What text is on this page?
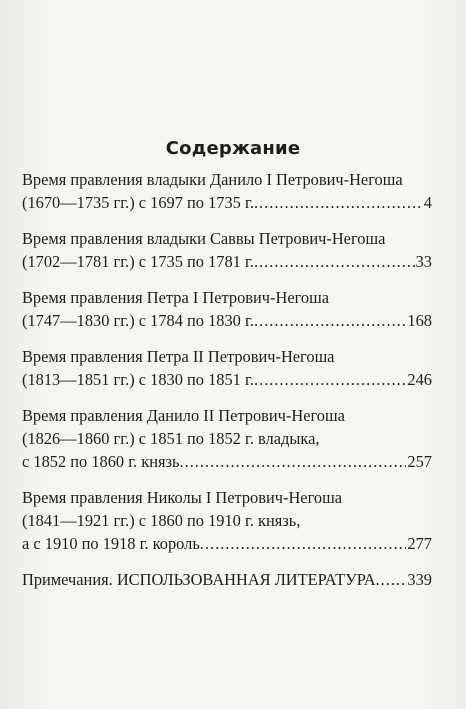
Содержание
Время правления владыки Данило I Петрович-Негоша
(1670—1735 гг.) с 1697 по 1735 г. .....	4
Время правления владыки Саввы Петрович-Негоша
(1702—1781 гг.) с 1735 по 1781 г. .....	33
Время правления Петра I Петрович-Негоша
(1747—1830 гг.) с 1784 по 1830 г. .....	168
Время правления Петра II Петрович-Негоша
(1813—1851 гг.) с 1830 по 1851 г. .....	246
Время правления Данило II Петрович-Негоша
(1826—1860 гг.) с 1851 по 1852 г. владыка,
с 1852 по 1860 г. князь .....	257
Время правления Николы I Петрович-Негоша
(1841—1921 гг.) с 1860 по 1910 г. князь,
а с 1910 по 1918 г. король .....	277
Примечания. ИСПОЛЬЗОВАННАЯ ЛИТЕРАТУРА ..... 339
